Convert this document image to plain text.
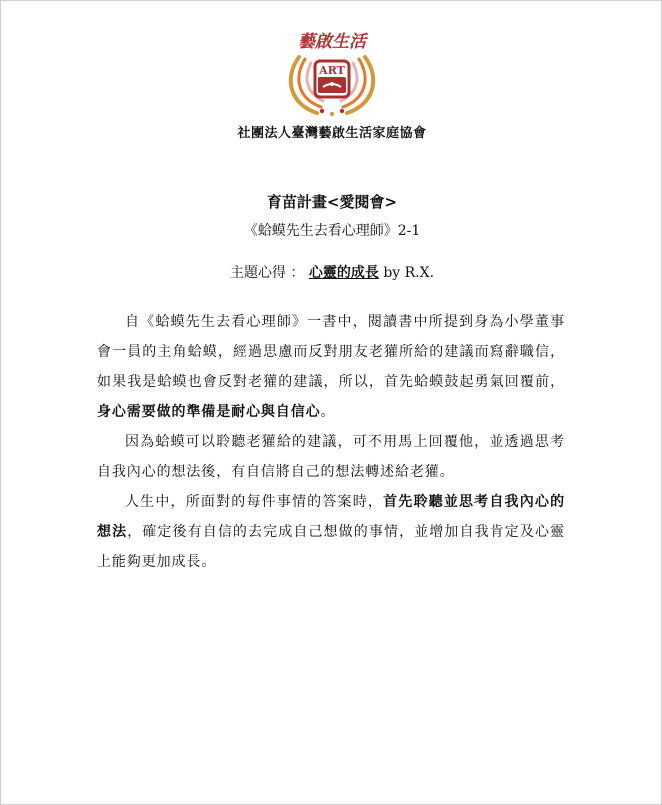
藝啟生活
ART
社團法人臺灣藝啟生活家庭協會
育苗計畫<愛閱會>
《蛤蟆先生去看心理師》2-1
主題心得 ： 心靈的成長 by R.X.

自《蛤蟆先生去看心理師》一書中，閱讀書中所提到身為小學董事會一員的主角蛤蟆，經過思慮而反對朋友老獾所給的建議而寫辭職信，如果我是蛤蟆也會反對老獾的建議，所以，首先蛤蟆鼓起勇氣回覆前，身心需要做的準備是耐心與自信心。

因為蛤蟆可以聆聽老獾給的建議，可不用馬上回覆他，並透過思考自我內心的想法後，有自信將自己的想法轉述給老獾。

人生中，所面對的每件事情的答案時，首先聆聽並思考自我內心的想法，確定後有自信的去完成自己想做的事情，並增加自我肯定及心靈上能夠更加成長。
